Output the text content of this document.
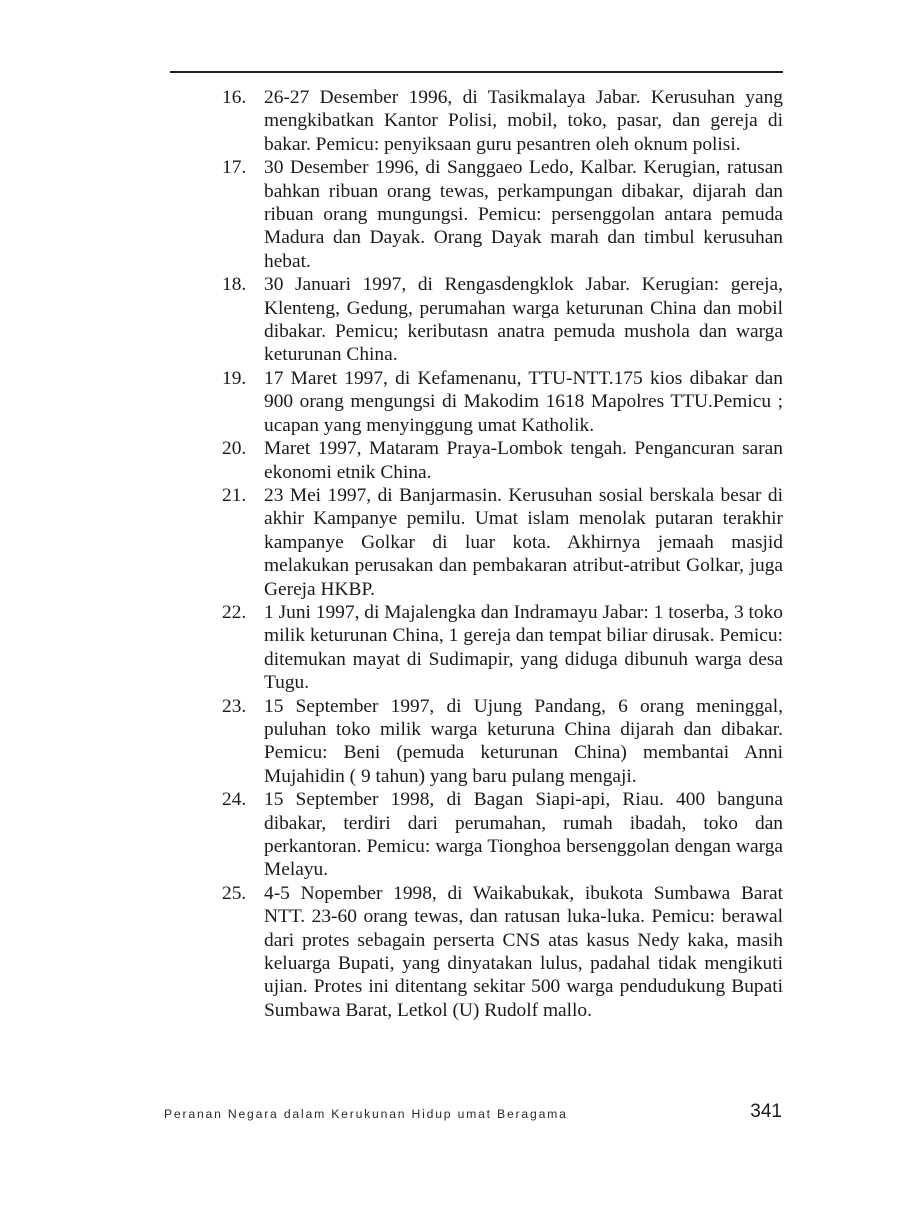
16. 26-27 Desember 1996, di Tasikmalaya Jabar. Kerusuhan yang mengkibatkan Kantor Polisi, mobil, toko, pasar, dan gereja di bakar. Pemicu: penyiksaan guru pesantren oleh oknum polisi.

17. 30 Desember 1996, di Sanggaeo Ledo, Kalbar. Kerugian, ratusan bahkan ribuan orang tewas, perkampungan dibakar, dijarah dan ribuan orang mungungsi. Pemicu: persenggolan antara pemuda Madura dan Dayak. Orang Dayak marah dan timbul kerusuhan hebat.

18. 30 Januari 1997, di Rengasdengklok Jabar. Kerugian: gereja, Klenteng, Gedung, perumahan warga keturunan China dan mobil dibakar. Pemicu; keributasn anatra pemuda mushola dan warga keturunan China.

19. 17 Maret 1997, di Kefamenanu, TTU-NTT.175 kios dibakar dan 900 orang mengungsi di Makodim 1618 Mapolres TTU.Pemicu ; ucapan yang menyinggung umat Katholik.

20. Maret 1997, Mataram Praya-Lombok tengah. Pengancuran saran ekonomi etnik China.

21. 23 Mei 1997, di Banjarmasin. Kerusuhan sosial berskala besar di akhir Kampanye pemilu. Umat islam menolak putaran terakhir kampanye Golkar di luar kota. Akhirnya jemaah masjid melakukan perusakan dan pembakaran atribut-atribut Golkar, juga Gereja HKBP.

22. 1 Juni 1997, di Majalengka dan Indramayu Jabar: 1 toserba, 3 toko milik keturunan China, 1 gereja dan tempat biliar dirusak. Pemicu: ditemukan mayat di Sudimapir, yang diduga dibunuh warga desa Tugu.

23. 15 September 1997, di Ujung Pandang, 6 orang meninggal, puluhan toko milik warga keturuna China dijarah dan dibakar. Pemicu: Beni (pemuda keturunan China) membantai Anni Mujahidin ( 9 tahun) yang baru pulang mengaji.

24. 15 September 1998, di Bagan Siapi-api, Riau. 400 banguna dibakar, terdiri dari perumahan, rumah ibadah, toko dan perkantoran. Pemicu: warga Tionghoa bersenggolan dengan warga Melayu.

25. 4-5 Nopember 1998, di Waikabukak, ibukota Sumbawa Barat NTT. 23-60 orang tewas, dan ratusan luka-luka. Pemicu: berawal dari protes sebagain perserta CNS atas kasus Nedy kaka, masih keluarga Bupati, yang dinyatakan lulus, padahal tidak mengikuti ujian. Protes ini ditentang sekitar 500 warga pendudukung Bupati Sumbawa Barat, Letkol (U) Rudolf mallo.

Peranan Negara dalam Kerukunan Hidup umat Beragama	341
